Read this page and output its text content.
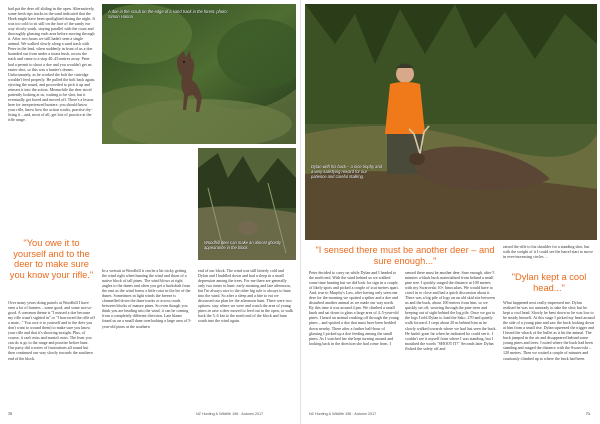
bad pot the deer off sliding in the open. Alternatively, some fresh rips tracks in the sand indicated that the Hoek might have been spotlighted during the night. It was too cold to sit still on the face of the sandy ear way slowly south, staying parallel with the coast and thoroughly glassing each area before moving through it. After two hours we still hadn't seen a single animal. We walked slowly along a sand track with Peter in the lead, when suddenly in front of us a doe bounded out from under a totara bush, across the track and came to a stop 40–45 metres away. Peter had a permit to shoot a doe and you wouldn't get an easier shot, so this was a hunter's dream. Unfortunately, as he worked the bolt the cartridge wouldn't feed properly. He pulled the bolt back again, ejecting the round, and proceeded to pick it up and reinsert it into the action. Meanwhile the deer stood patiently looking at us, waiting to be shot, but it eventually got bored and moved off. There's a lesson here for inexperienced hunters: you should know your rifle, know how the action works, practise dry-firing it – and, most of all, get lots of practice at the rifle range.
A doe in the scrub on the edge of a sand track in the forest. photo: Simon Hanna
Woodhill deer can make an almost ghostly appearance in the block.
"You owe it to yourself and to the deer to make sure you know your rifle."
Over many years doing patrols at Woodhill I have seen a lot of hunters – some good, and some not-so-good. A common theme is "I missed a doe because my rifle wasn't sighted in" or "I borrowed the rifle off a mate..." You owe it to yourself and to the deer you don't want to wound them) to make sure you know your rifle and that it's shooting straight. Plus, of course, it can't miss and mustn't miss. The least you can do is go to the range and practise before hunt. Our party did a series of frustrations all round but then continued our way slowly towards the southern end of the block.
In a wetsuit at Woodhill it can be a bit tricky getting the wind right when hunting the wind and those of a native block of tall pines. The wind blows at right angles to the dunes and often you get a backdraft from the east as the wind forms a little rotor in the lee of the dunes. Sometimes in light winds the breeze is channelled down the dune tracks or across roads between blocks of mature pines. So even though you think you are heading into the wind, it can be coming from a completely different direction. Late blame found us on a small dune overlooking a large area of 5-year-old pines at the southern
end of our block. The wind was still bitterly cold and Dylan and I huddled down and had a sleep in a small depression among the trees. For me there are generally only two times to hunt: early morning and late afternoon, but I'm always nice to the other big rule is always to hunt into the wind. So after a sleep and a bite to eat we discussed our plan for the afternoon hunt. There were two options: stay where we were and watch the area of young pines in case a deer moved to feed out in the open, or walk back the 5–6 km to the north end of the block and hunt south into the wind again.
70	NZ Hunting & Wildlife 198 · Autumn 2017
Dylan with his buck – a nice trophy and a very satisfying reward for our patience and careful stalking.
"I sensed there must be another deer – and sure enough..."
Peter decided to carry on while Dylan and I headed to the north end. With the wind behind us we walked some time hunting but we did look for sign in a couple of likely spots and picked a couple of scat metres apart. And, true to Murphy's Law, after having only seen one deer for the morning we spotted a spiker and a doe and disturbed another animal as we made our way north. By this time it was around 4 pm. We climbed a small knob and sat down to glass a large area of 4–5-year-old pines. I heard an animal crashing off through the young pines – and spotted a doe that must have been bedded down nearby. There after a further half-hour of glassing I picked up a doe feeding among the small pines. As I watched her she kept turning around and looking back in the direction she had come from. I
sensed there must be another deer. Sure enough, after 5 minutes a black buck materialised from behind a small pine tree. I quickly ranged the distance at 100 metres with my Swarovski 10× binoculars. We would have to crawl in to close and had a quick discussion about it. There was a big pile of logs on an old skid site between us and the buck, about 100 metres from him, so we quickly set off, weaving through the pine trees and keeping out of sight behind the log pile. Once we got to the logs I told Dylan to load the Sako .270 and quietly walk forward. I crept about 20 m behind him as he slowly walked towards where we had last seen the buck. He hadn't gone far when he indicated he could see it. I couldn't see it myself from where I was standing, but I mouthed the words "SHOOT IT!" Seconds later Dylan flicked the safety off and
raised the rifle to his shoulder for a standing shot, but with the weight of it I could see the barrel start to move in ever-increasing circles ...
"Dylan kept a cool head..."
What happened next really impressed me. Dylan realised he was too unsteady to take the shot; but he kept a cool head. Slowly he bent down so he was low to be steady himself. At this stage I picked my head around the side of a young pine and saw the buck looking down at him from a small rise. Dylan squeezed the trigger and I heard the whack of the bullet as it hit the animal. The buck jumped in the air and disappeared behind some young pines and trees. I noted where the buck had been standing and ranged the distance with the Swarovski – 120 metres. Then we waited a couple of minutes and cautiously climbed up to where the buck had been.
NZ Hunting & Wildlife 198 · Autumn 2017	71
